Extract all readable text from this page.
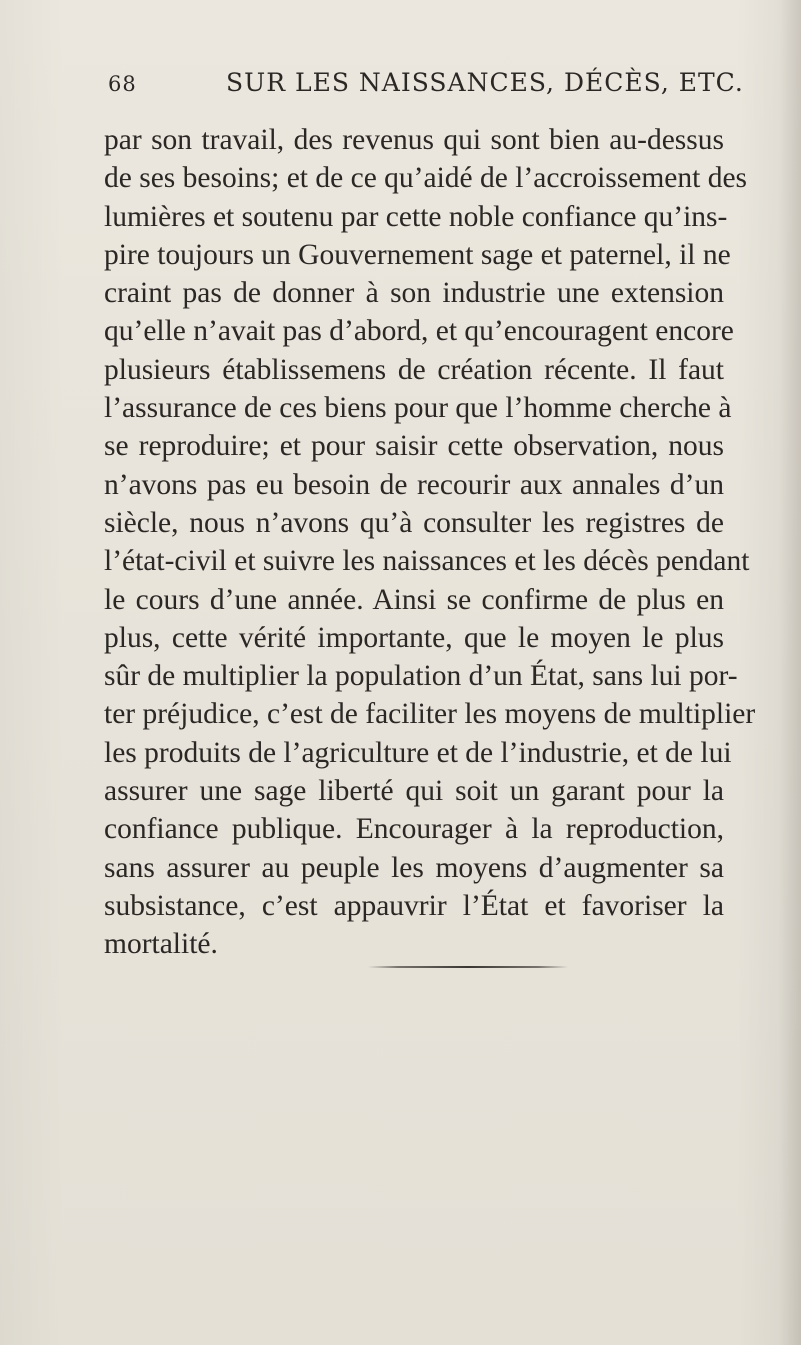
68	SUR LES NAISSANCES, DÉCÈS, ETC.
par son travail, des revenus qui sont bien au-dessus
de ses besoins; et de ce qu’aidé de l’accroissement des
lumières et soutenu par cette noble confiance qu’ins-
pire toujours un Gouvernement sage et paternel, il ne
craint pas de donner à son industrie une extension
qu’elle n’avait pas d’abord, et qu’encouragent encore
plusieurs établissemens de création récente. Il faut
l’assurance de ces biens pour que l’homme cherche à
se reproduire; et pour saisir cette observation, nous
n’avons pas eu besoin de recourir aux annales d’un
siècle, nous n’avons qu’à consulter les registres de
l’état-civil et suivre les naissances et les décès pendant
le cours d’une année. Ainsi se confirme de plus en
plus, cette vérité importante, que le moyen le plus
sûr de multiplier la population d’un État, sans lui por-
ter préjudice, c’est de faciliter les moyens de multiplier
les produits de l’agriculture et de l’industrie, et de lui
assurer une sage liberté qui soit un garant pour la
confiance publique. Encourager à la reproduction,
sans assurer au peuple les moyens d’augmenter sa
subsistance, c’est appauvrir l’État et favoriser la
mortalité.
